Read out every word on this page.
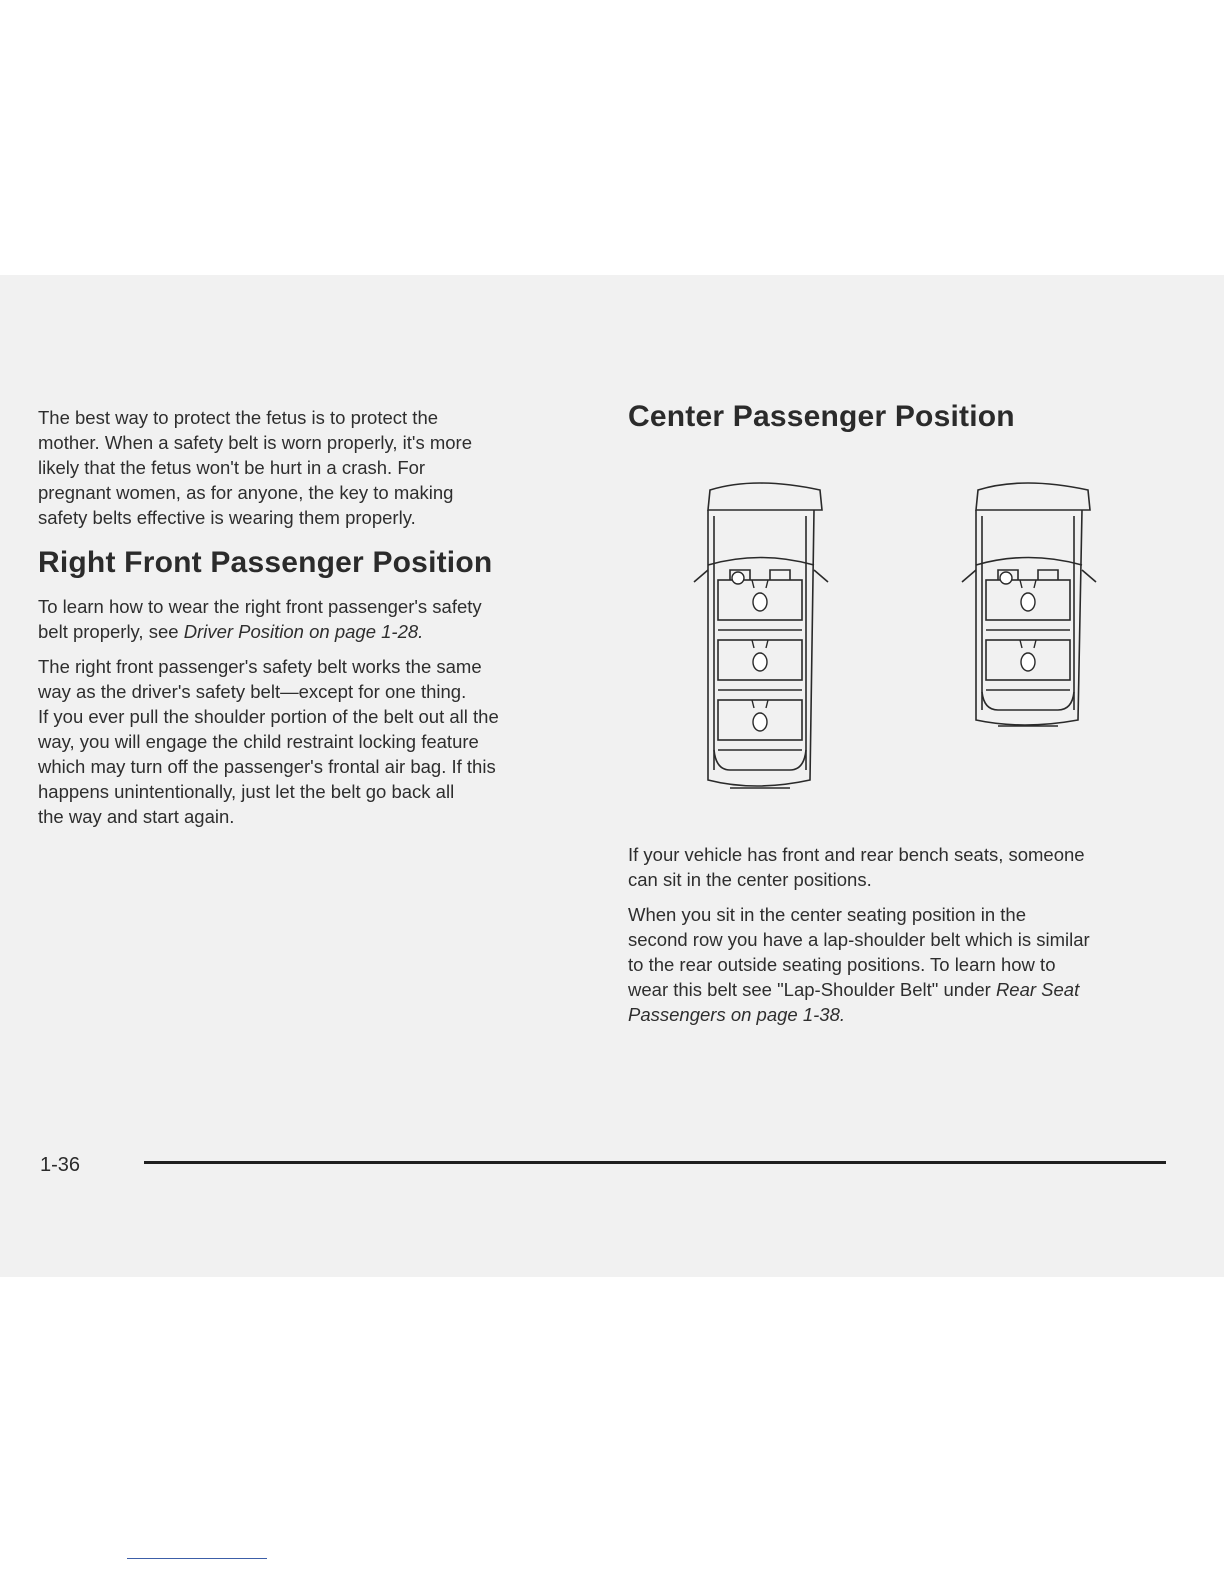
The best way to protect the fetus is to protect the
mother. When a safety belt is worn properly, it's more
likely that the fetus won't be hurt in a crash. For
pregnant women, as for anyone, the key to making
safety belts effective is wearing them properly.

Right Front Passenger Position

To learn how to wear the right front passenger's safety
belt properly, see Driver Position on page 1-28.

The right front passenger's safety belt works the same
way as the driver's safety belt—except for one thing.
If you ever pull the shoulder portion of the belt out all the
way, you will engage the child restraint locking feature
which may turn off the passenger's frontal air bag. If this
happens unintentionally, just let the belt go back all
the way and start again.

Center Passenger Position

If your vehicle has front and rear bench seats, someone
can sit in the center positions.

When you sit in the center seating position in the
second row you have a lap-shoulder belt which is similar
to the rear outside seating positions. To learn how to
wear this belt see "Lap-Shoulder Belt" under Rear Seat
Passengers on page 1-38.

1-36
